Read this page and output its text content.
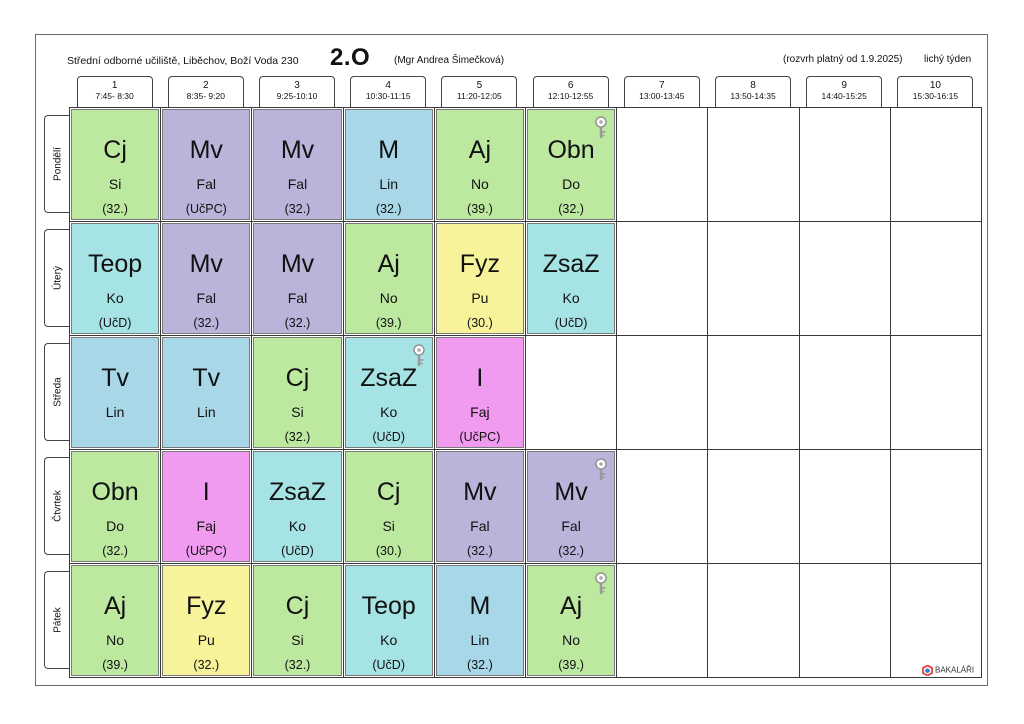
Střední odborné učiliště, Liběchov, Boží Voda 230 2.O (Mgr Andrea Šimečková)	(rozvrh platný od 1.9.2025) lichý týden
1
7:45- 8:30
2
8:35- 9:20
3
9:25-10:10
4
10:30-11:15
5
11:20-12:05
6
12:10-12:55
7
13:00-13:45
8
13:50-14:35
9
14:40-15:25
10
15:30-16:15
Pondělí
Úterý
Středa
Čtvrtek
Pátek
Cj
Si
(32.)
Mv
Fal
(UčPC)
Mv
Fal
(32.)
M
Lin
(32.)
Aj
No
(39.)
Obn
Do
(32.)
Teop
Ko
(UčD)
Mv
Fal
(32.)
Mv
Fal
(32.)
Aj
No
(39.)
Fyz
Pu
(30.)
ZsaZ
Ko
(UčD)
Tv
Lin
Tv
Lin
Cj
Si
(32.)
ZsaZ
Ko
(UčD)
I
Faj
(UčPC)
Obn
Do
(32.)
I
Faj
(UčPC)
ZsaZ
Ko
(UčD)
Cj
Si
(30.)
Mv
Fal
(32.)
Mv
Fal
(32.)
Aj
No
(39.)
Fyz
Pu
(32.)
Cj
Si
(32.)
Teop
Ko
(UčD)
M
Lin
(32.)
Aj
No
(39.)	BAKALÁŘI
